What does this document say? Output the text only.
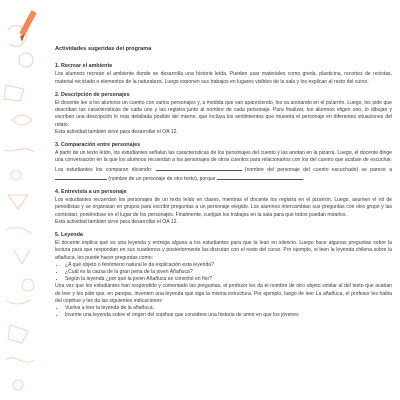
Actividades sugeridas del programa
1. Recrear el ambiente

Los alumnos recrean el ambiente donde se desarrolla una historia leída. Pueden usar materiales como greda, plasticina, recortes de revistas, material reciclado o elementos de la naturaleza. Luego exponen sus trabajos en lugares visibles de la sala y los explican al resto del curso.

2. Descripción de personajes

El docente lee a los alumnos un cuento con varios personajes y, a medida que van apareciendo, los va anotando en el pizarrón. Luego, les pide que describan las características de cada uno y las registra junto al nombre de cada personaje. Para finalizar, los alumnos eligen uno, lo dibujan y escriben una descripción lo más detallada posible del mismo, que incluya los sentimientos que muestra el personaje en diferentes situaciones del relato.

Esta actividad también sirve para desarrollar el OA 12.
3. Comparación entre personajes

A partir de un texto leído, los estudiantes señalan las características de los personajes del cuento y las anotan en la pizarra. Luego, el docente dirige una conversación en la que los alumnos recuerdan a los personajes de otros cuentos para relacionarlos con los del cuento que acaban de escuchar. Los estudiantes los comparan diciendo:	(nombre del personaje del cuento escuchado) se parece a  (nombre de un personaje de otro texto), porque	.

4. Entrevista a un personaje

Los estudiantes recuerdan los personajes de un texto leído en clases, mientras el docente los registra en el pizarrón. Luego, asumen el rol de periodistas y se organizan en grupos para escribir preguntas a un personaje elegido. Los alumnos intercambian sus preguntas con otro grupo y las contestan, poniéndose en el lugar de los personajes. Finalmente, cuelgan los trabajos en la sala para que todos puedan mirarlos.

Esta actividad también sirve para desarrollar el OA 12.
5. Leyenda

El docente explica qué es una leyenda y entrega alguna a los estudiantes para que la lean en silencio. Luego hace algunas preguntas sobre la lectura para que respondan en sus cuadernos y posteriormente las discutan con el resto del curso. Por ejemplo, si leen la leyenda chilena sobre la añañuca, les puede hacer preguntas como:

• ¿A qué objeto o fenómeno natural le da explicación esta leyenda?
• ¿Cuál es la causa de la gran pena de la joven Añañuca?
• Según la leyenda ¿por qué la joven Añañuca se convirtió en flor?

Una vez que los estudiantes han respondido y comentado las preguntas, el profesor les da el nombre de otro objeto similar al del texto que acaban de leer y les pide que, en parejas, inventen una leyenda que siga la misma estructura. Por ejemplo, luego de leer La añañuca, el profesor les habla del copihue y les da las siguientes indicaciones

• Vuelva a leer la leyenda de la añañuca.
• Invente una leyenda sobre el origen del copihue que considere una historia de amor en que los jóvenes
